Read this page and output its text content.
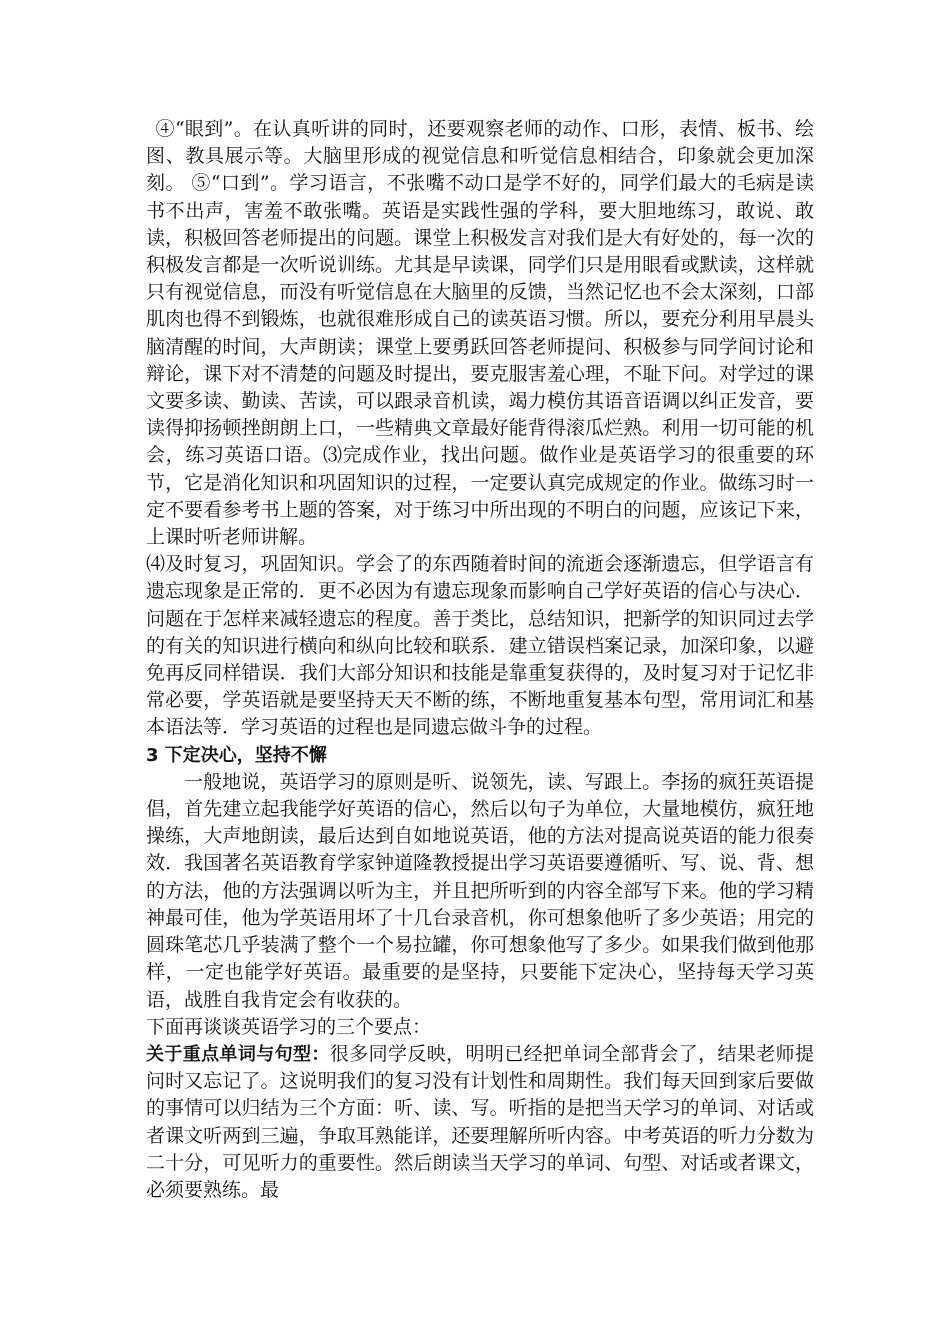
④“眼到”。在认真听讲的同时，还要观察老师的动作、口形，表情、板书、绘图、教具展示等。大脑里形成的视觉信息和听觉信息相结合，印象就会更加深刻。 ⑤“口到”。学习语言，不张嘴不动口是学不好的，同学们最大的毛病是读书不出声，害羞不敢张嘴。英语是实践性强的学科，要大胆地练习，敢说、敢读，积极回答老师提出的问题。课堂上积极发言对我们是大有好处的，每一次的积极发言都是一次听说训练。尤其是早读课，同学们只是用眼看或默读，这样就只有视觉信息，而没有听觉信息在大脑里的反馈，当然记忆也不会太深刻，口部肌肉也得不到锻炼，也就很难形成自己的读英语习惯。所以，要充分利用早晨头脑清醒的时间，大声朗读；课堂上要勇跃回答老师提问、积极参与同学间讨论和辩论，课下对不清楚的问题及时提出，要克服害羞心理，不耻下问。对学过的课文要多读、勤读、苦读，可以跟录音机读，竭力模仿其语音语调以纠正发音，要读得抑扬顿挫朗朗上口，一些精典文章最好能背得滚瓜烂熟。利用一切可能的机会，练习英语口语。⑶完成作业，找出问题。做作业是英语学习的很重要的环节，它是消化知识和巩固知识的过程，一定要认真完成规定的作业。做练习时一定不要看参考书上题的答案，对于练习中所出现的不明白的问题，应该记下来，上课时听老师讲解。

⑷及时复习，巩固知识。学会了的东西随着时间的流逝会逐渐遗忘，但学语言有遗忘现象是正常的．更不必因为有遗忘现象而影响自己学好英语的信心与决心．问题在于怎样来减轻遗忘的程度。善于类比，总结知识，把新学的知识同过去学的有关的知识进行横向和纵向比较和联系．建立错误档案记录，加深印象，以避免再反同样错误．我们大部分知识和技能是靠重复获得的，及时复习对于记忆非常必要，学英语就是要坚持天天不断的练，不断地重复基本句型，常用词汇和基本语法等．学习英语的过程也是同遗忘做斗争的过程。

3 下定决心，坚持不懈

一般地说，英语学习的原则是听、说领先，读、写跟上。李扬的疯狂英语提倡，首先建立起我能学好英语的信心，然后以句子为单位，大量地模仿，疯狂地操练，大声地朗读，最后达到自如地说英语，他的方法对提高说英语的能力很奏效．我国著名英语教育学家钟道隆教授提出学习英语要遵循听、写、说、背、想的方法，他的方法强调以听为主，并且把所听到的内容全部写下来。他的学习精神最可佳，他为学英语用坏了十几台录音机，你可想象他听了多少英语；用完的圆珠笔芯几乎装满了整个一个易拉罐，你可想象他写了多少。如果我们做到他那样，一定也能学好英语。最重要的是坚持，只要能下定决心，坚持每天学习英语，战胜自我肯定会有收获的。

下面再谈谈英语学习的三个要点：

关于重点单词与句型：很多同学反映，明明已经把单词全部背会了，结果老师提问时又忘记了。这说明我们的复习没有计划性和周期性。我们每天回到家后要做的事情可以归结为三个方面：听、读、写。听指的是把当天学习的单词、对话或者课文听两到三遍，争取耳熟能详，还要理解所听内容。中考英语的听力分数为二十分，可见听力的重要性。然后朗读当天学习的单词、句型、对话或者课文，必须要熟练。最
